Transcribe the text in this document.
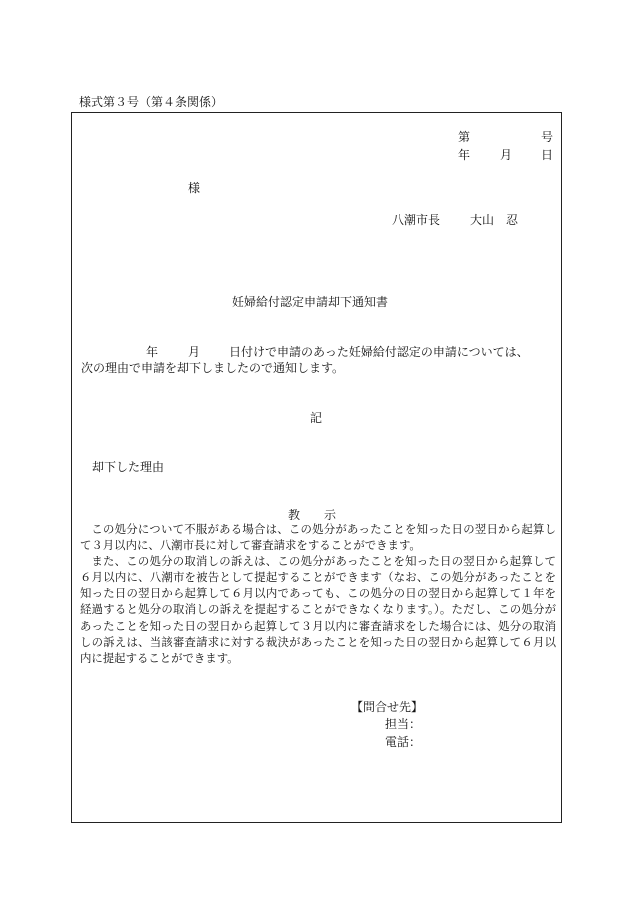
様式第３号（第４条関係）
第	号
年 月 日
様
八潮市長 大山　忍
妊婦給付認定申請却下通知書
年 月 日付けで申請のあった妊婦給付認定の申請については、
次の理由で申請を却下しましたので通知します。
記
却下した理由
教　　示

この処分について不服がある場合は、この処分があったことを知った日の翌日から起算して３月以内に、八潮市長に対して審査請求をすることができます。

また、この処分の取消しの訴えは、この処分があったことを知った日の翌日から起算して６月以内に、八潮市を被告として提起することができます（なお、この処分があったことを知った日の翌日から起算して６月以内であっても、この処分の日の翌日から起算して１年を経過すると処分の取消しの訴えを提起することができなくなります。）。ただし、この処分があったことを知った日の翌日から起算して３月以内に審査請求をした場合には、処分の取消しの訴えは、当該審査請求に対する裁決があったことを知った日の翌日から起算して６月以内に提起することができます。

【問合せ先】
担当：
電話：
